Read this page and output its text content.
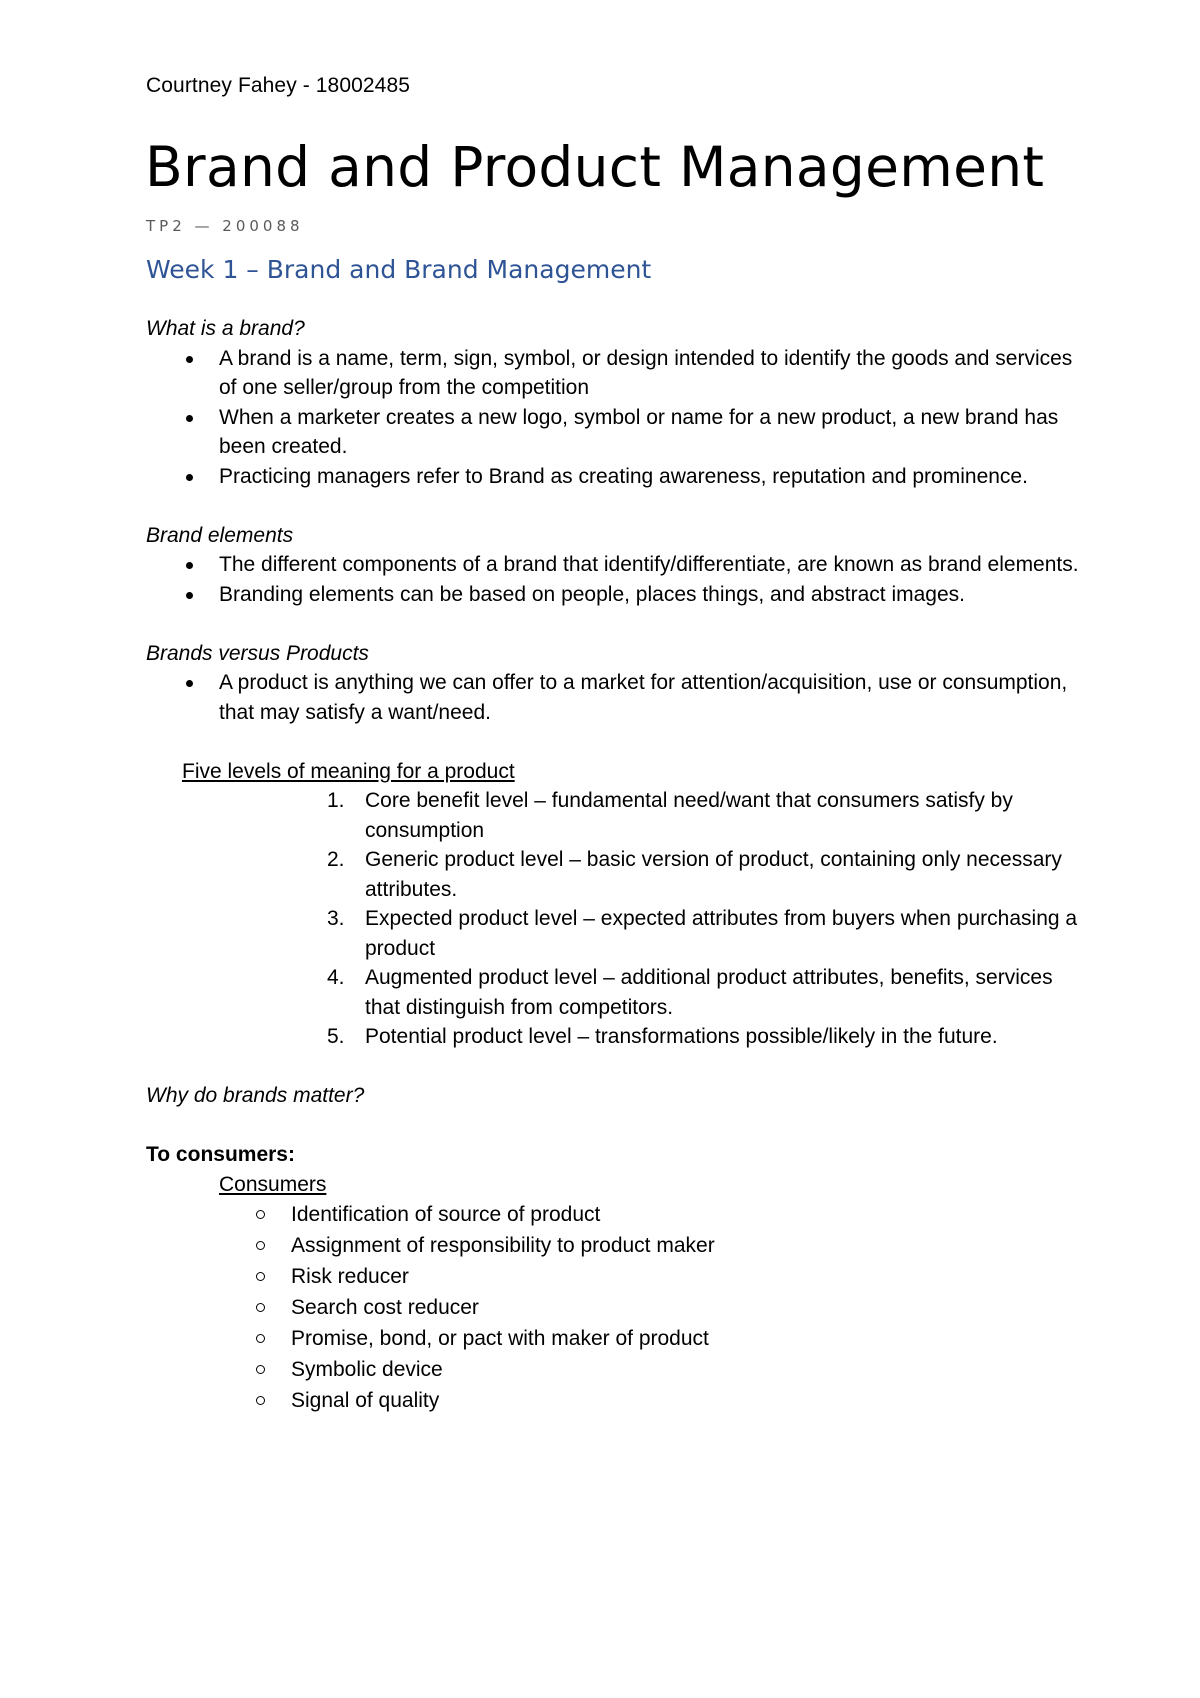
Courtney Fahey - 18002485
Brand and Product Management
TP2 — 200088
Week 1 – Brand and Brand Management

What is a brand?

A brand is a name, term, sign, symbol, or design intended to identify the goods and services of one seller/group from the competition
When a marketer creates a new logo, symbol or name for a new product, a new brand has been created.
Practicing managers refer to Brand as creating awareness, reputation and prominence.

Brand elements

The different components of a brand that identify/differentiate, are known as brand elements.
Branding elements can be based on people, places things, and abstract images.

Brands versus Products

A product is anything we can offer to a market for attention/acquisition, use or consumption, that may satisfy a want/need.
Five levels of meaning for a product
1. Core benefit level – fundamental need/want that consumers satisfy by consumption
2. Generic product level – basic version of product, containing only necessary attributes.
3. Expected product level – expected attributes from buyers when purchasing a product
4. Augmented product level – additional product attributes, benefits, services that distinguish from competitors.
5. Potential product level – transformations possible/likely in the future.

Why do brands matter?

To consumers:
Consumers
Identification of source of product
Assignment of responsibility to product maker
Risk reducer
Search cost reducer
Promise, bond, or pact with maker of product
Symbolic device
Signal of quality
